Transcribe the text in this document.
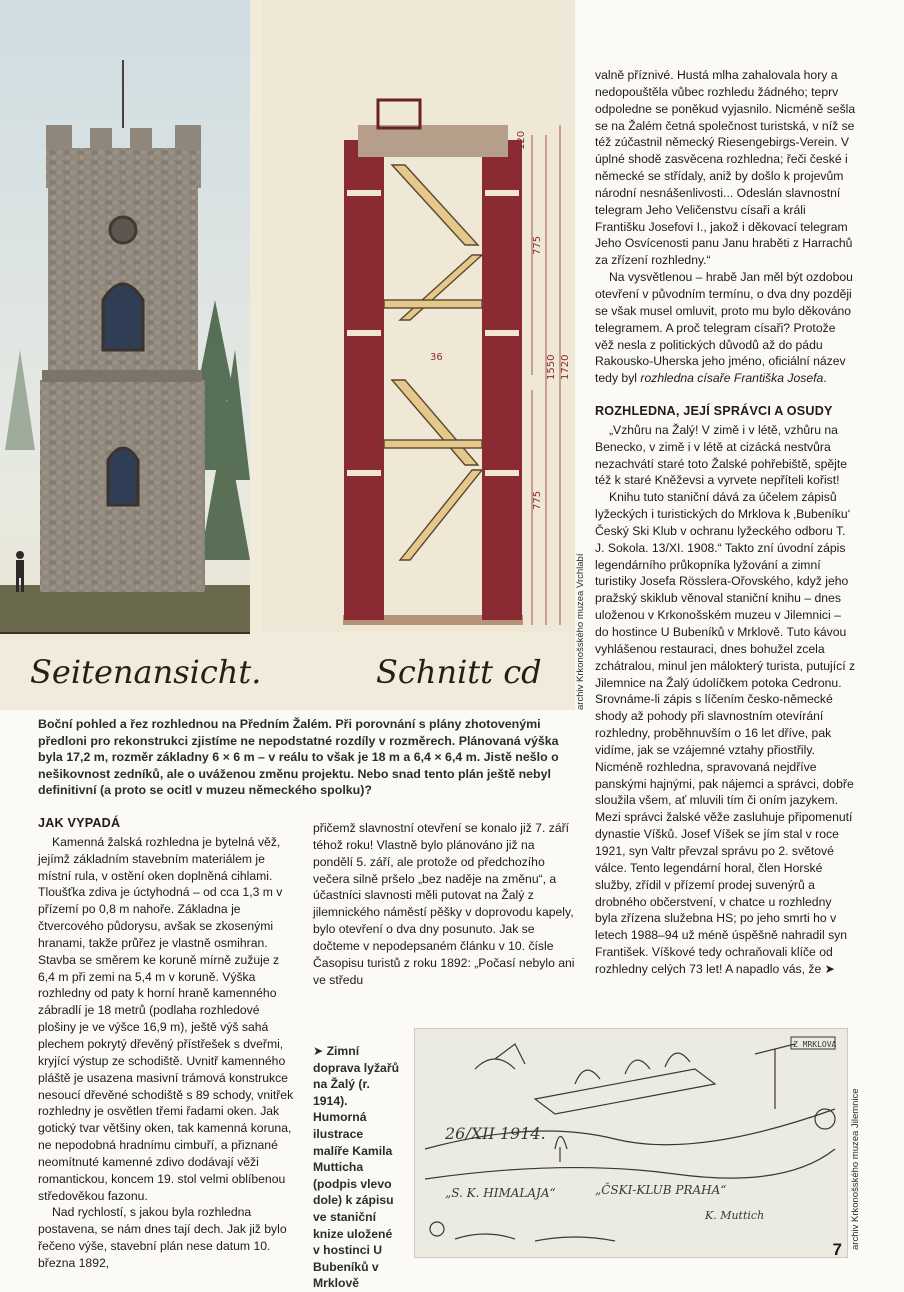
120
775
1550
775
1720
36
Seitenansicht.	Schnitt cd	archiv Krkonošského muzea Vrchlabí

valně příznivé. Hustá mlha zahalovala hory a nedopouštěla vůbec rozhledu žádného; teprv odpoledne se poněkud vyjasnilo. Nicméně sešla se na Žalém četná společnost turistská, v níž se též zúčastnil německý Riesengebirgs-Verein. V úplné shodě zasvěcena rozhledna; řeči české i německé se střídaly, aniž by došlo k projevům národní nesnášenlivosti... Odeslán slavnostní telegram Jeho Veličenstvu císaři a králi Františku Josefovi I., jakož i děkovací telegram Jeho Osvícenosti panu Janu hraběti z Harrachů za zřízení rozhledny.“

Na vysvětlenou – hrabě Jan měl být ozdobou otevření v původním termínu, o dva dny později se však musel omluvit, proto mu bylo děkováno telegramem. A proč telegram císaři? Protože věž nesla z politických důvodů až do pádu Rakousko-Uherska jeho jméno, oficiální název tedy byl rozhledna císaře Františka Josefa.

ROZHLEDNA, JEJÍ SPRÁVCI A OSUDY

„Vzhůru na Žalý! V zimě i v létě, vzhůru na Benecko, v zimě i v létě at cizácká nestvůra nezachvátí staré toto Žalské pohřebiště, spějte též k staré Kněževsi a vyrvete nepříteli kořist!

Knihu tuto staniční dává za účelem zápisů lyžeckých i turistických do Mrklova k ‚Bubeníku‘ Český Ski Klub v ochranu lyžeckého odboru T. J. Sokola. 13/XI. 1908.“ Takto zní úvodní zápis legendárního průkopníka lyžování a zimní turistiky Josefa Rösslera-Ořovského, když jeho pražský skiklub věnoval staniční knihu – dnes uloženou v Krkonošském muzeu v Jilemnici – do hostince U Bubeníků v Mrklově. Tuto kávou vyhlášenou restauraci, dnes bohužel zcela zchátralou, minul jen málokterý turista, putující z Jilemnice na Žalý údolíčkem potoka Cedronu. Srovnáme-li zápis s líčením česko-německé shody až pohody při slavnostním otevírání rozhledny, proběhnuvším o 16 let dříve, pak vidíme, jak se vzájemné vztahy přiostřily. Nicméně rozhledna, spravovaná nejdříve panskými hajnými, pak nájemci a správci, dobře sloužila všem, ať mluvili tím či oním jazykem. Mezi správci žalské věže zasluhuje připomenutí dynastie Víšků. Josef Víšek se jím stal v roce 1921, syn Valtr převzal správu po 2. světové válce. Tento legendární horal, člen Horské služby, zřídil v přízemí prodej suvenýrů a drobného občerstvení, v chatce u rozhledny byla zřízena služebna HS; po jeho smrti ho v letech 1988–94 už méně úspěšně nahradil syn František. Víškové tedy ochraňovali klíče od rozhledny celých 73 let! A napadlo vás, že ➤

Boční pohled a řez rozhlednou na Předním Žalém. Při porovnání s plány zhotovenými předloni pro rekonstrukci zjistíme ne nepodstatné rozdíly v rozměrech. Plánovaná výška byla 17,2 m, rozměr základny 6 × 6 m – v reálu to však je 18 m a 6,4 × 6,4 m. Jistě nešlo o nešikovnost zedníků, ale o uváženou změnu projektu. Nebo snad tento plán ještě nebyl definitivní (a proto se ocitl v muzeu německého spolku)?

JAK VYPADÁ

Kamenná žalská rozhledna je bytelná věž, jejímž základním stavebním materiálem je místní rula, v ostění oken doplněná cihlami. Tloušťka zdiva je úctyhodná – od cca 1,3 m v přízemí po 0,8 m nahoře. Základna je čtvercového půdorysu, avšak se zkosenými hranami, takže průřez je vlastně osmihran. Stavba se směrem ke koruně mírně zužuje z 6,4 m při zemi na 5,4 m v koruně. Výška rozhledny od paty k horní hraně kamenného zábradlí je 18 metrů (podlaha rozhledové plošiny je ve výšce 16,9 m), ještě výš sahá plechem pokrytý dřevěný přístřešek s dveřmi, kryjící výstup ze schodiště. Uvnitř kamenného pláště je usazena masivní trámová konstrukce nesoucí dřevěné schodiště s 89 schody, vnitřek rozhledny je osvětlen třemi řadami oken. Jak gotický tvar většiny oken, tak kamenná koruna, ne nepodobná hradnímu cimbuří, a přiznané neomítnuté kamenné zdivo dodávají věži romantickou, koncem 19. stol velmi oblíbenou středověkou fazonu.

Nad rychlostí, s jakou byla rozhledna postavena, se nám dnes tají dech. Jak již bylo řečeno výše, stavební plán nese datum 10. března 1892,

přičemž slavnostní otevření se konalo již 7. září téhož roku! Vlastně bylo plánováno již na pondělí 5. září, ale protože od předchozího večera silně pršelo „bez naděje na změnu“, a účastníci slavnosti měli putovat na Žalý z jilemnického náměstí pěšky v doprovodu kapely, bylo otevření o dva dny posunuto. Jak se dočteme v nepodepsaném článku v 10. čísle Časopisu turistů z roku 1892: „Počasí nebylo ani ve středu

➤ Zimní doprava lyžařů na Žalý (r. 1914). Humorná ilustrace malíře Kamila Mutticha (podpis vlevo dole) k zápisu ve staniční knize uložené v hostinci U Bubeníků v Mrklově
Z MRKLOVA
26/XII 1914.
„S. K. HIMALAJA“	„ČSKI-KLUB PRAHA“
K. Muttich	archiv Krkonošského muzea Jilemnice
7
